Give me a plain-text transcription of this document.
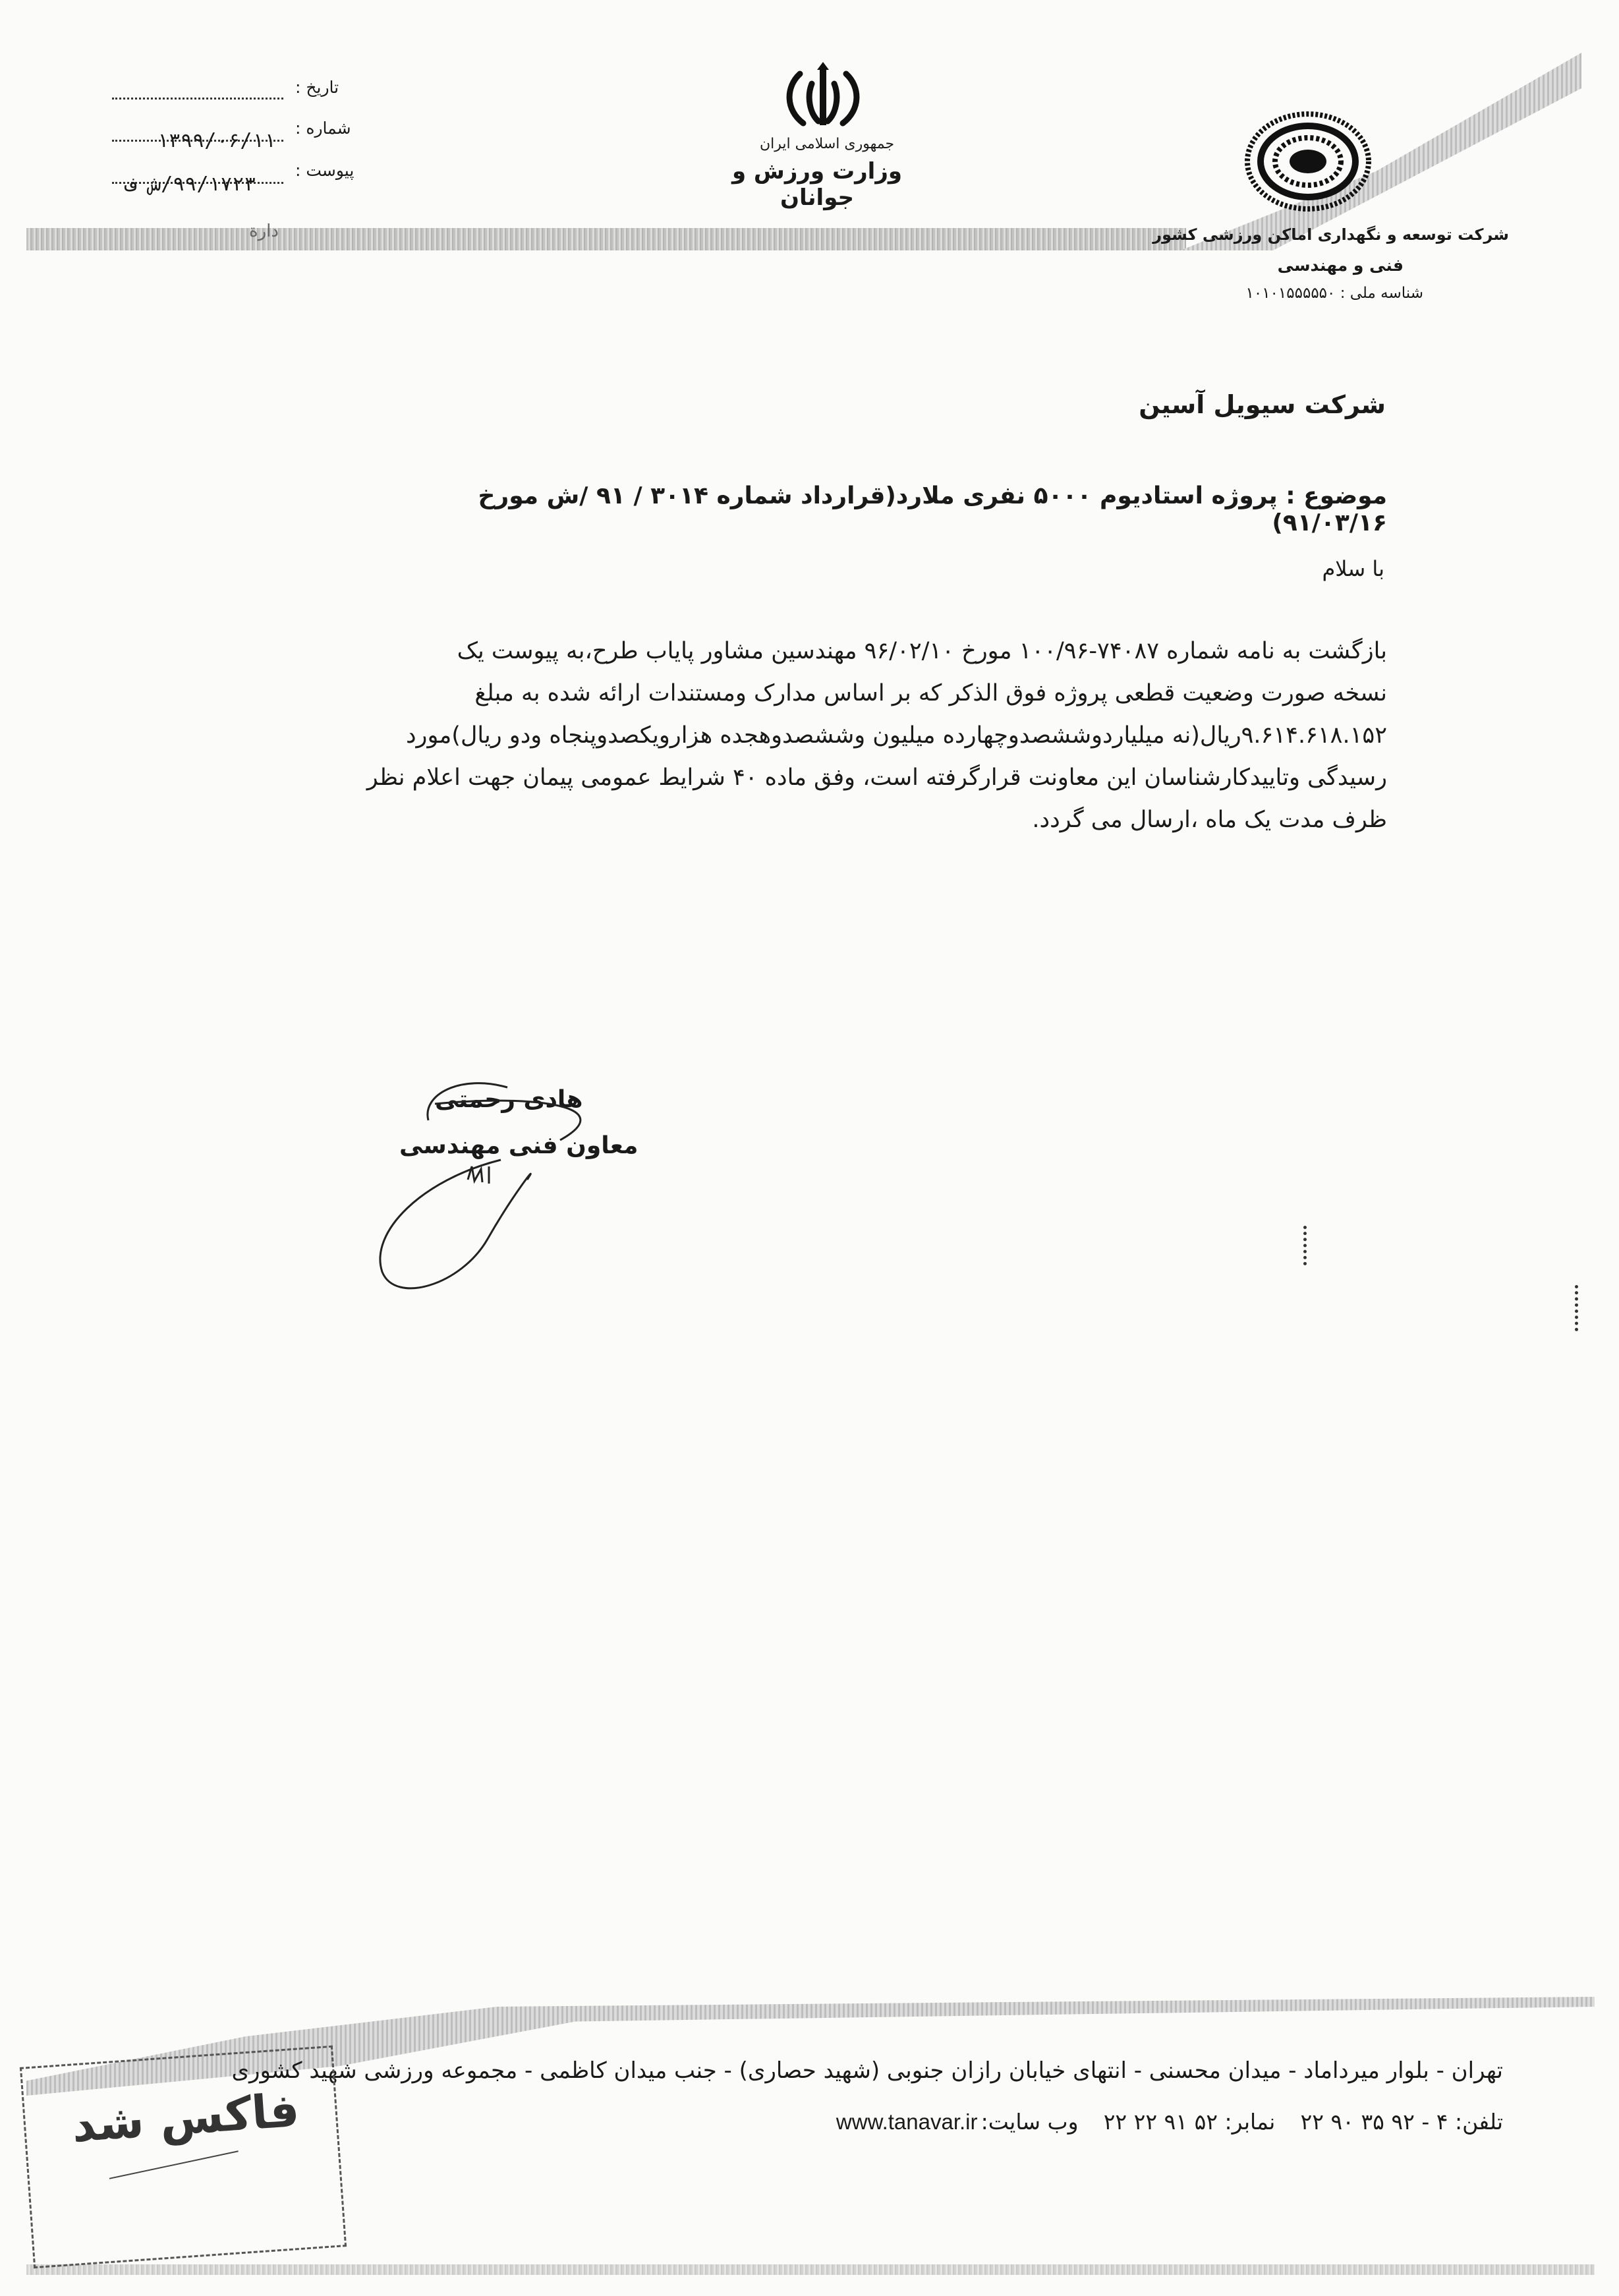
تاریخ :
شماره :
پیوست :
۱۳۹۹/۰۶/۱۱
۹۹/۱۷۲۳/ش ف
دارة
جمهوری اسلامی ایران
وزارت ورزش و جوانان
شرکت توسعه و نگهداری اماکن ورزشی کشور
فنی و مهندسی
شناسه ملی : ۱۰۱۰۱۵۵۵۵۵۰
شرکت سیویل آسین
موضوع : پروژه استادیوم ۵۰۰۰ نفری ملارد(قرارداد شماره ۳۰۱۴ / ۹۱ /ش مورخ ۹۱/۰۳/۱۶)
با سلام
بازگشت به نامه شماره ۷۴۰۸۷-۱۰۰/۹۶ مورخ ۹۶/۰۲/۱۰ مهندسین مشاور پایاب طرح،به پیوست یک
نسخه صورت وضعیت قطعی پروژه فوق الذکر که بر اساس مدارک ومستندات ارائه شده به مبلغ
۹.۶۱۴.۶۱۸.۱۵۲ریال(نه میلیاردوششصدوچهارده میلیون وششصدوهجده هزارویکصدوپنجاه ودو ریال)مورد
رسیدگی وتاییدکارشناسان این معاونت قرارگرفته است، وفق ماده ۴۰ شرایط عمومی پیمان جهت اعلام نظر
ظرف مدت یک ماه ،ارسال می گردد.
هادی رحمتی
معاون فنی مهندسی
تهران - بلوار میرداماد - میدان محسنی - انتهای خیابان رازان جنوبی (شهید حصاری) - جنب میدان کاظمی - مجموعه ورزشی شهید کشوری
تلفن: ۴ - ۹۲ ۳۵ ۹۰ ۲۲  نمابر: ۵۲ ۹۱ ۲۲ ۲۲  وب سایت: www.tanavar.ir
فاکس شد
